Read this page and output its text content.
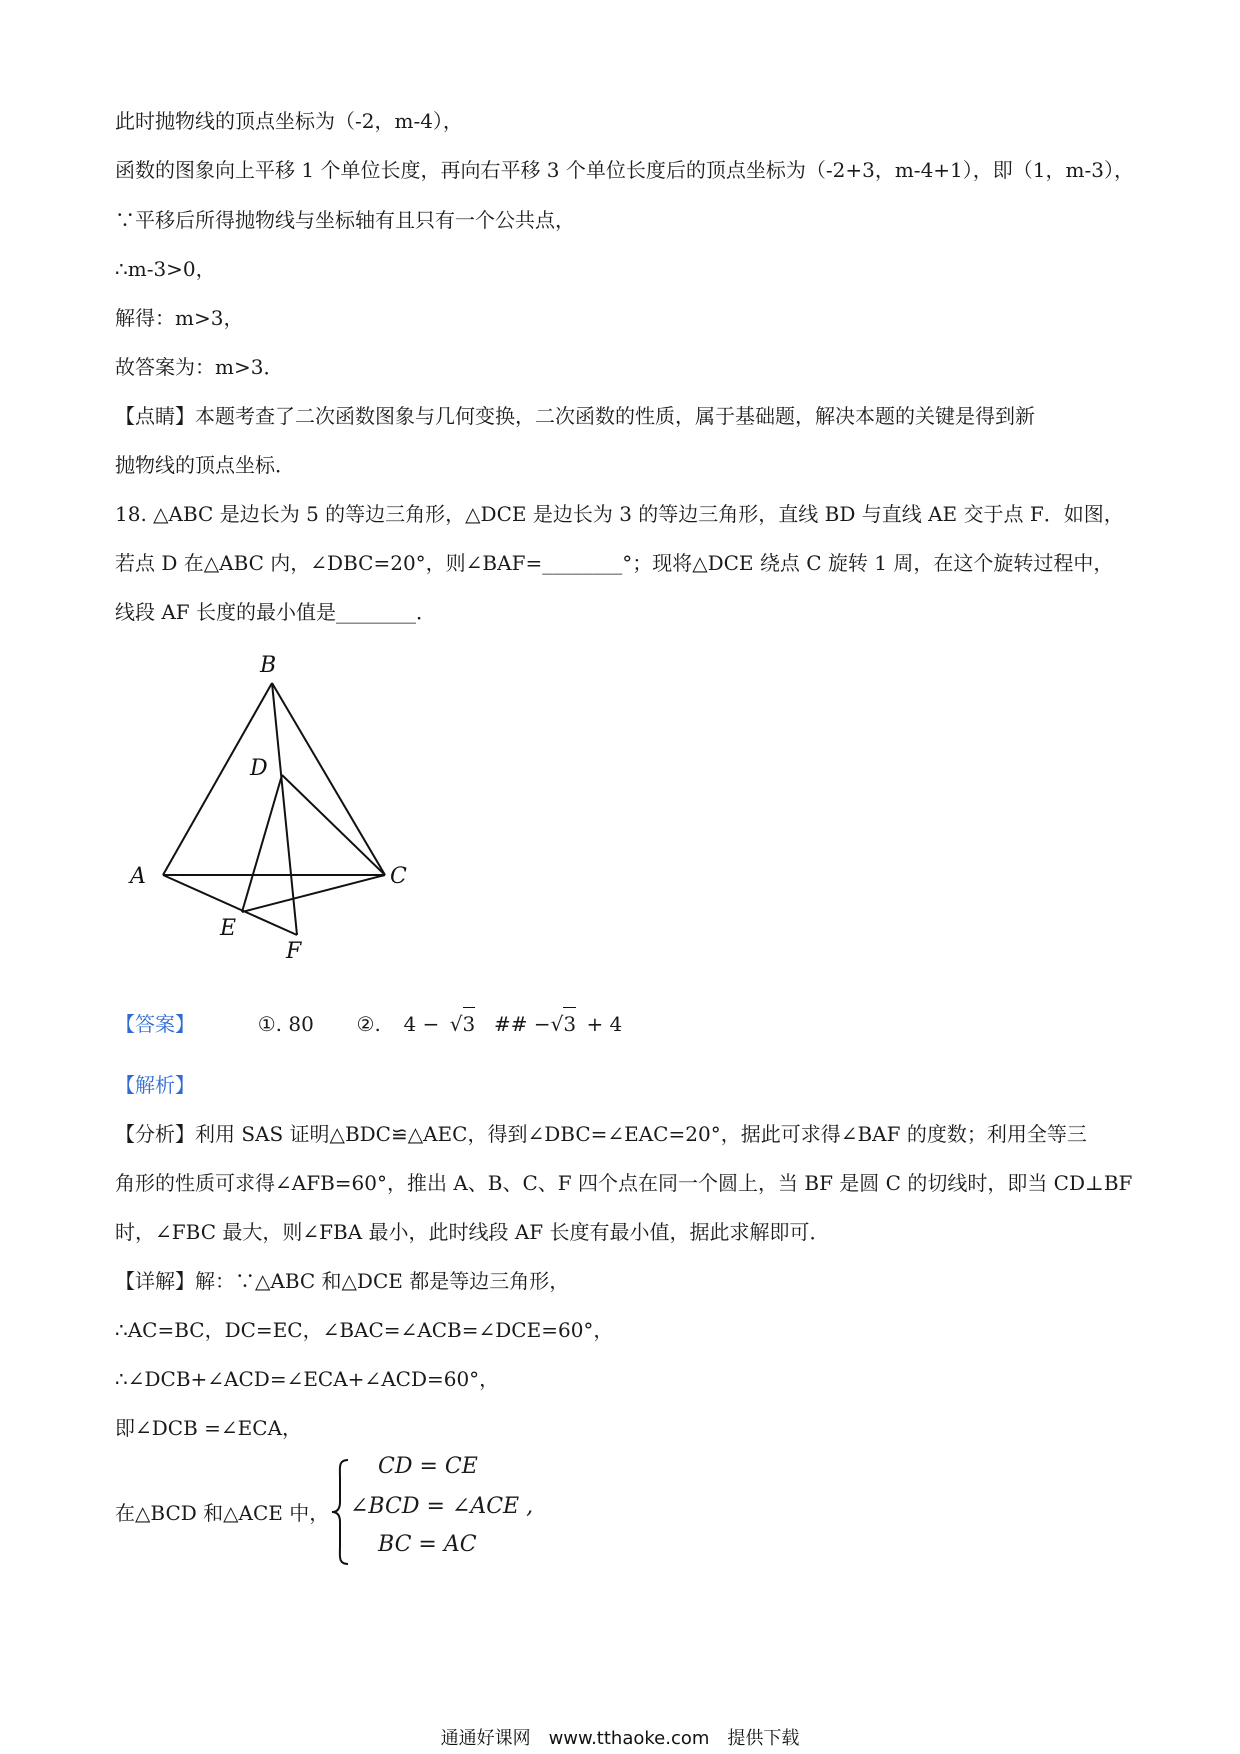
此时抛物线的顶点坐标为（-2，m-4），
函数的图象向上平移 1 个单位长度，再向右平移 3 个单位长度后的顶点坐标为（-2+3，m-4+1），即（1，m-3），
∵平移后所得抛物线与坐标轴有且只有一个公共点，
∴m-3>0，
解得：m>3，
故答案为：m>3．
【点睛】本题考查了二次函数图象与几何变换，二次函数的性质，属于基础题，解决本题的关键是得到新
抛物线的顶点坐标．
18. △ABC 是边长为 5 的等边三角形，△DCE 是边长为 3 的等边三角形，直线 BD 与直线 AE 交于点 F．如图，
若点 D 在△ABC 内，∠DBC=20°，则∠BAF=________°；现将△DCE 绕点 C 旋转 1 周，在这个旋转过程中，
线段 AF 长度的最小值是________．
B
D
A	C
E
F
【答案】	①. 80 ②. 4 − √3 ## −√3 + 4
【解析】
【分析】利用 SAS 证明△BDC≌△AEC，得到∠DBC=∠EAC=20°，据此可求得∠BAF 的度数；利用全等三
角形的性质可求得∠AFB=60°，推出 A、B、C、F 四个点在同一个圆上，当 BF 是圆 C 的切线时，即当 CD⊥BF
时，∠FBC 最大，则∠FBA 最小，此时线段 AF 长度有最小值，据此求解即可．
【详解】解：∵△ABC 和△DCE 都是等边三角形，
∴AC=BC，DC=EC，∠BAC=∠ACB=∠DCE=60°，
∴∠DCB+∠ACD=∠ECA+∠ACD=60°，
即∠DCB =∠ECA，
在△BCD 和△ACE 中，
CD = CE
∠BCD = ∠ACE ,
BC = AC
通通好课网　www.tthaoke.com　提供下载
